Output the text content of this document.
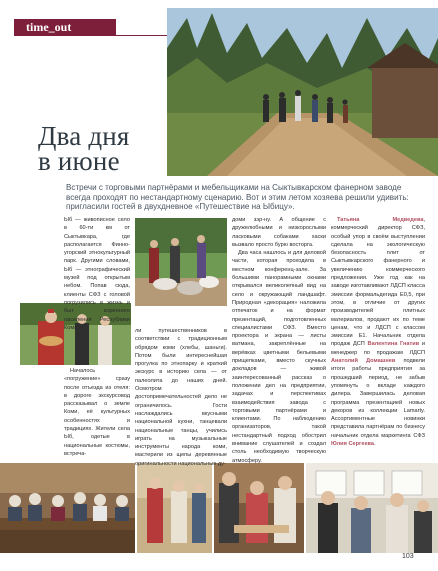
time_out
Два дня
в июне
Встречи с торговыми партнёрами и мебельщиками на Сыктывкарском фанерном заводе всегда проходят по нестандартному сценарию. Вот и этим летом хозяева решили удивить: пригласили гостей в двухдневное «Путешествие на Ыбицу».

Ыб — живописное село в 60-ти км от Сыктывкара, где располагается Финно-угорский этнокультурный парк. Другими словами, Ыб — этнографический музей под открытым небом. Попав сюда, клиенты СФЗ с головой погрузились в жизнь и быт коренного населения Республики Коми.

Началось «погружение» сразу после отъезда из отеля: в дороге экскурсовод рассказывал о земле Коми, её культурных особенностях и традициях. Жители села Ыб, одетые в национальные костюмы, встреча-

ли путешественников в соответствии с традиционным обрядом коми (хлебы, шаньги). Потом были интереснейшая прогулка по этнопарку и краткий экскурс в историю села — от палеолита до наших дней. Осмотром достопримечательностей дело не ограничилось. Гости наслаждались вкусными национальной кухни, танцевали национальные танцы, учились играть на музыкальные инструменты народа коми, мастерили из щепы деревянные оригинальности национальные ду-

доми зэр-ну. А общение с дружелюбными и низкорослыми ласковыми собаками хаски вызвало просто бурю восторга.

Два часа нашлось и для деловой части, которая проходила в местном конференц-зале. За большими панорамными окнами открывался великолепный вид на село и окружающий ландшафт. Природная «декорация» наложила отпечаток и на формат презентаций, подготовленных специалистами СФЗ. Вместо проектора и экрана — листы ватмана, закреплённые на верёвках цветными бельевыми прищепками, вместо скучных докладов — живой заинтересованный рассказ о положении дел на предприятии, задачах и перспективах взаимодействия завода с торговыми партнёрами и клиентами. По наблюдению организаторов, такой нестандартный подход обострил внимание слушателей и создал столь необходимую творческую атмосферу.

Татьяна Медведева, коммерческий директор СФЗ, особый упор в своём выступлении сделала на экологическую безопасность плит от Сыктывкарского фанерного и увеличению коммерческого предложения. Уже год как на заводе изготавливают ЛДСП класса эмиссии формальдегида Е0,5, при этом, в отличие от других производителей плитных материалов, продают их по теме ценам, что и ЛДСП с классом эмиссии Е1. Начальник отдела продаж ДСП Валентина Гнатив и менеджер по продажам ЛДСП Анатолий Домашнев подвели итоги работы предприятия за прошедший период, не забыв упомянуть о вкладе каждого дилера. Завершилась деловая программа презентацией новых декоров из коллекции Lamarty. Ассортиментные новинки представила партнёрам по бизнесу начальник отдела маркетинга СФЗ Юлия Сергеева.

103
